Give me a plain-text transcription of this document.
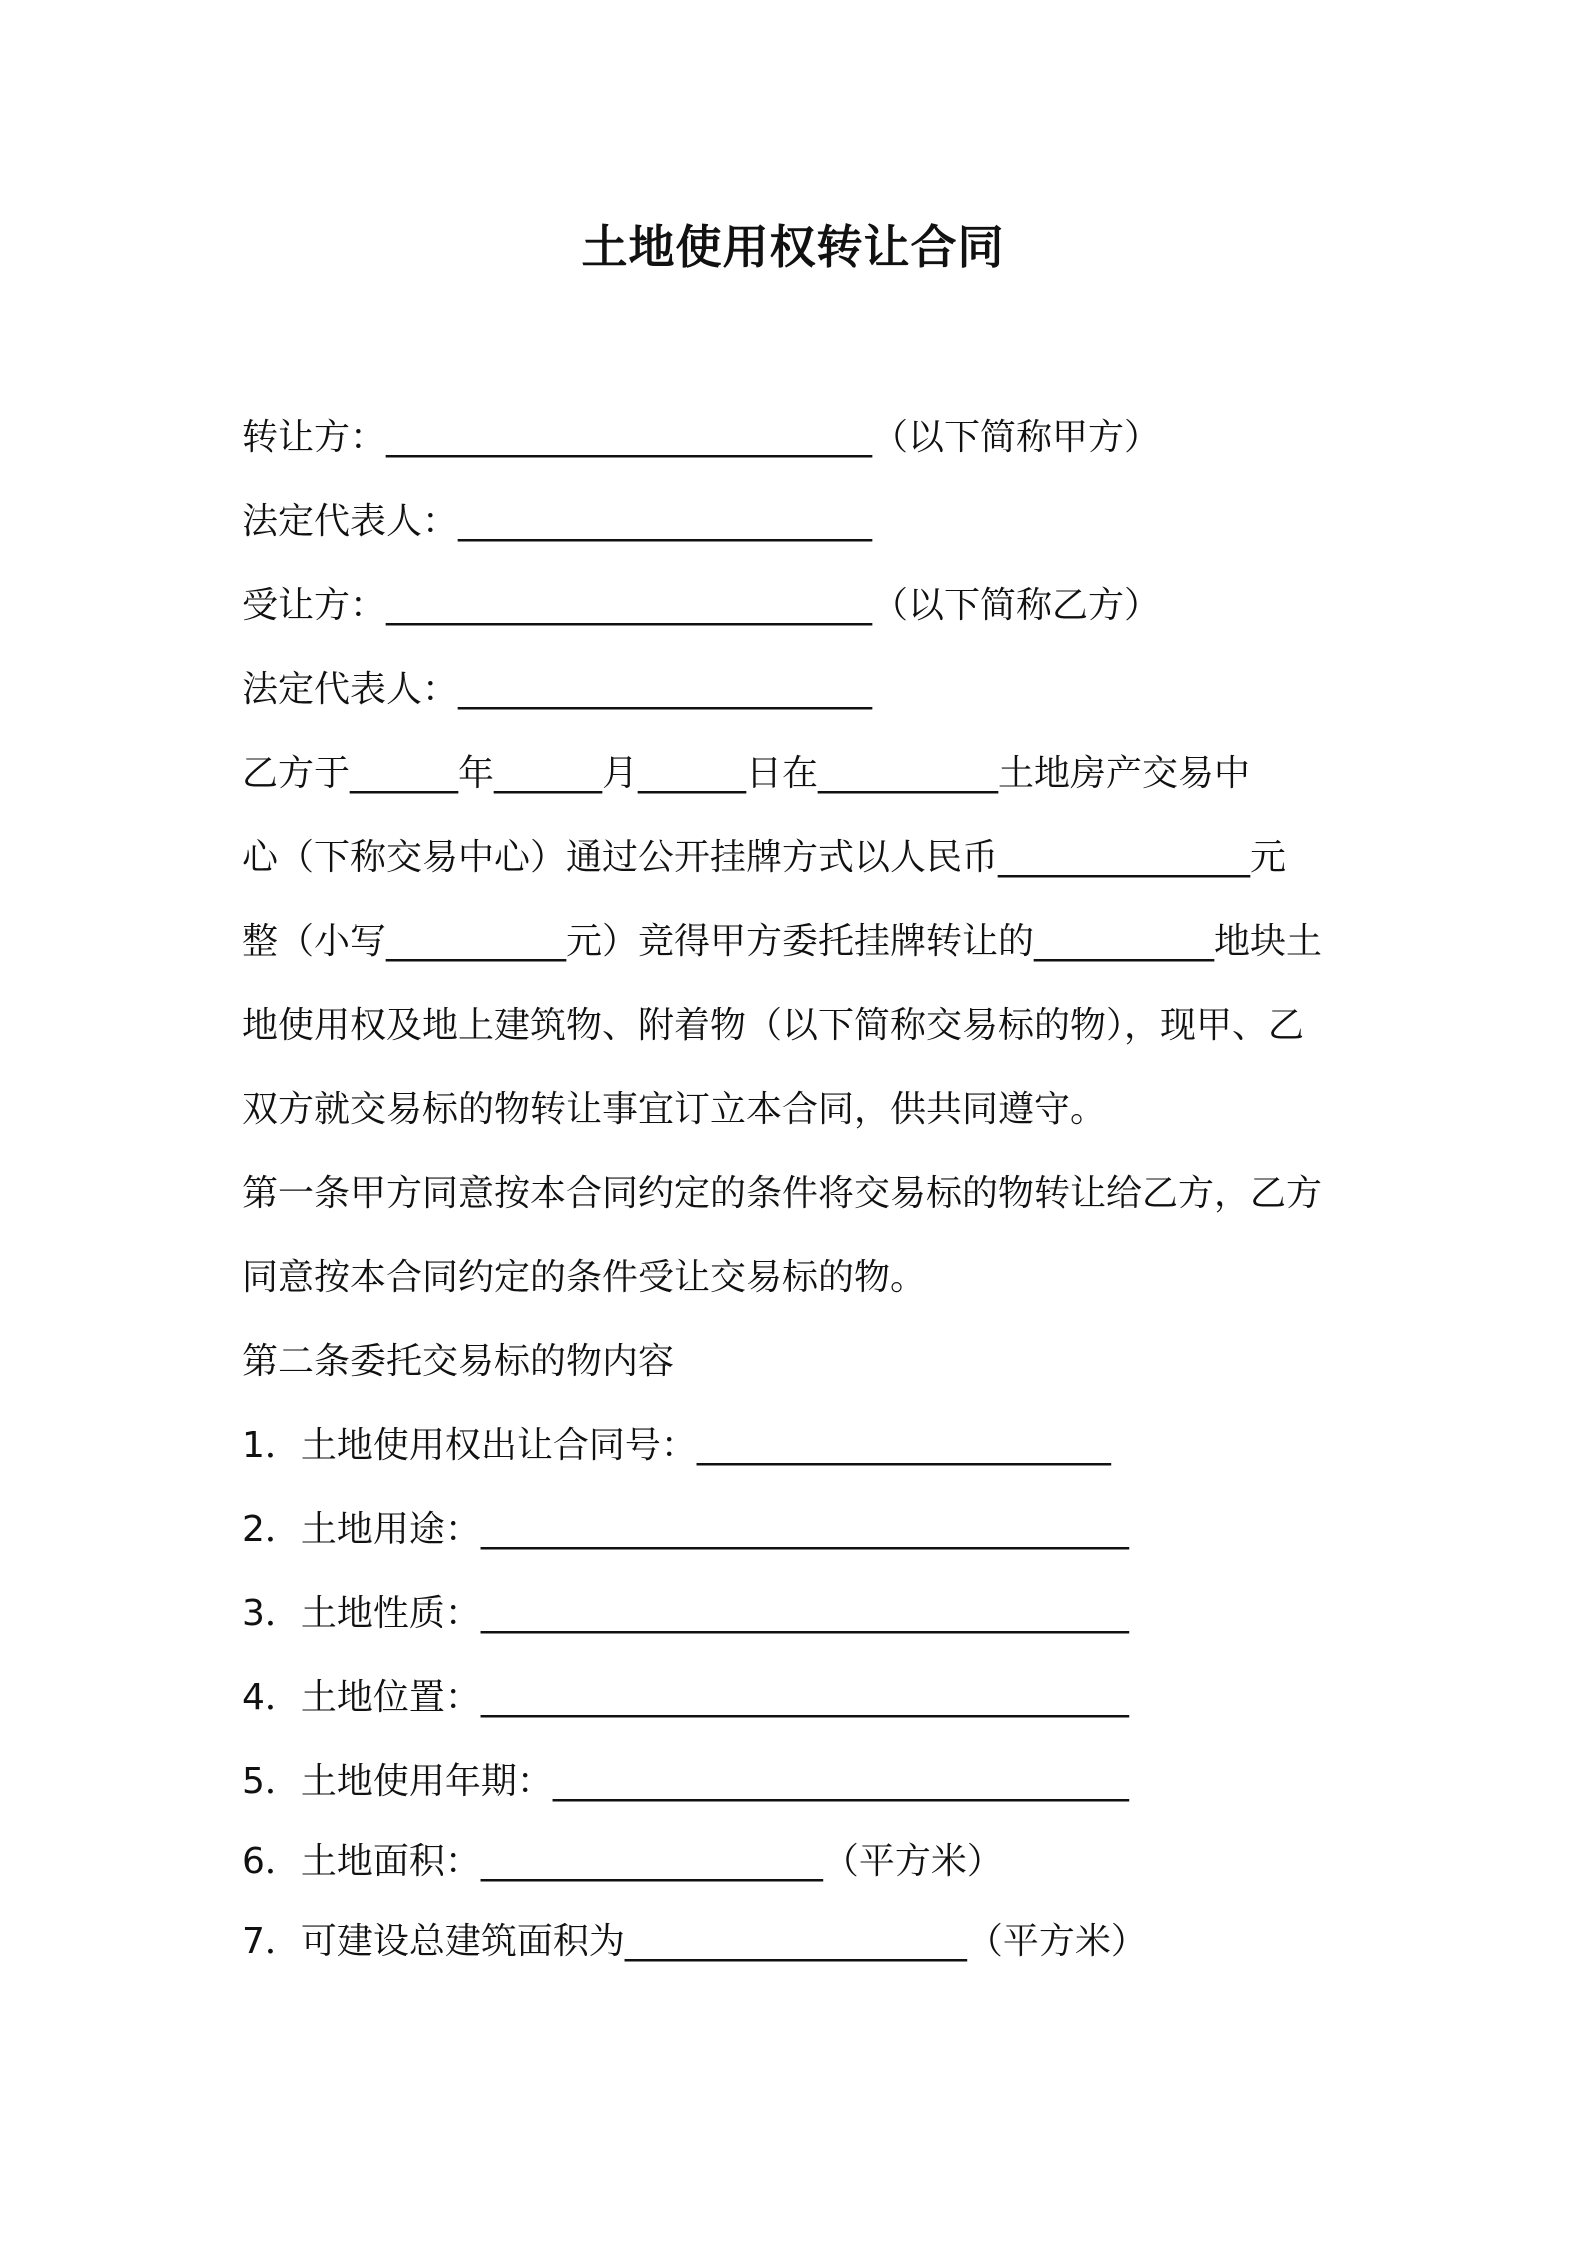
土地使用权转让合同
转让方：___________________________（以下简称甲方）
法定代表人：_______________________
受让方：___________________________（以下简称乙方）
法定代表人：_______________________
乙方于______年______月______日在__________土地房产交易中
心（下称交易中心）通过公开挂牌方式以人民币______________元
整（小写__________元）竞得甲方委托挂牌转让的__________地块土
地使用权及地上建筑物、附着物（以下简称交易标的物），现甲、乙
双方就交易标的物转让事宜订立本合同，供共同遵守。
第一条甲方同意按本合同约定的条件将交易标的物转让给乙方，乙方
同意按本合同约定的条件受让交易标的物。
第二条委托交易标的物内容
1．土地使用权出让合同号：_______________________
2．土地用途：____________________________________
3．土地性质：____________________________________
4．土地位置：____________________________________
5．土地使用年期：________________________________
6．土地面积：___________________（平方米）
7．可建设总建筑面积为___________________（平方米）
